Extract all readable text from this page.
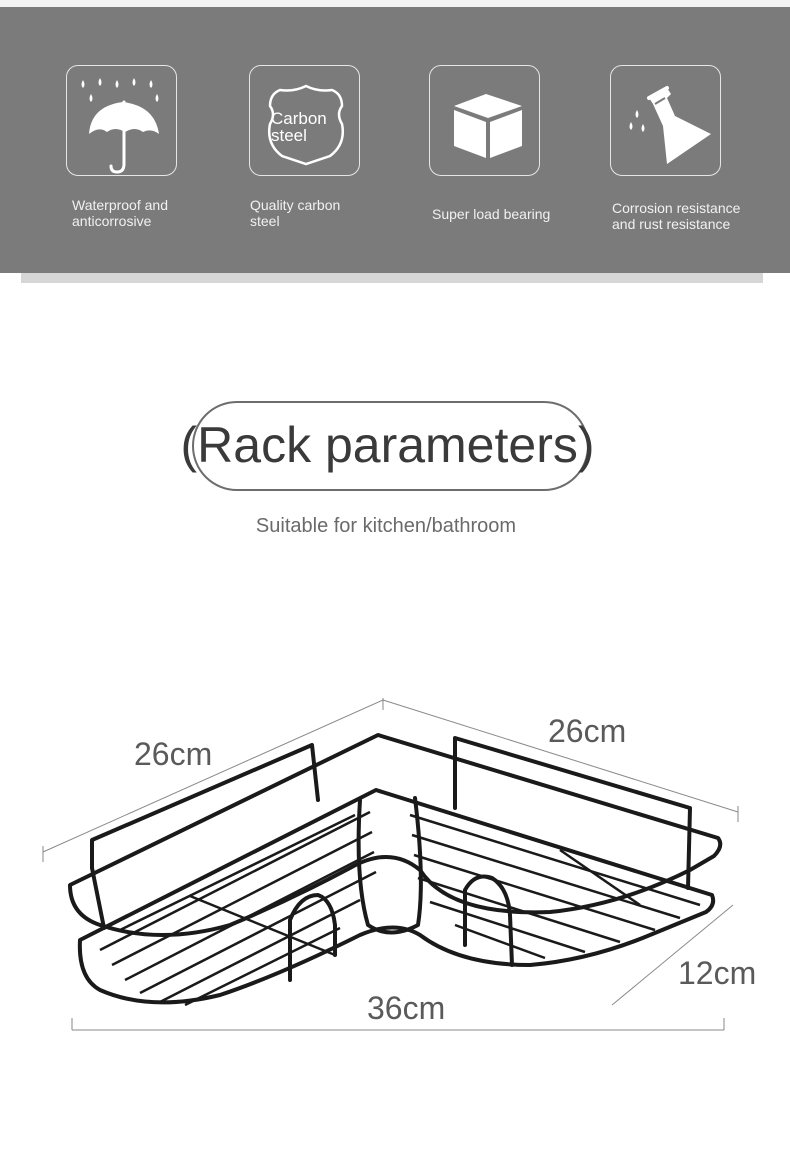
Waterproof and
anticorrosive
Carbon
steel
Quality carbon
steel	Super load bearing	Corrosion resistance
and rust resistance
(Rack parameters)
Suitable for kitchen/bathroom
26cm
26cm
12cm
36cm
